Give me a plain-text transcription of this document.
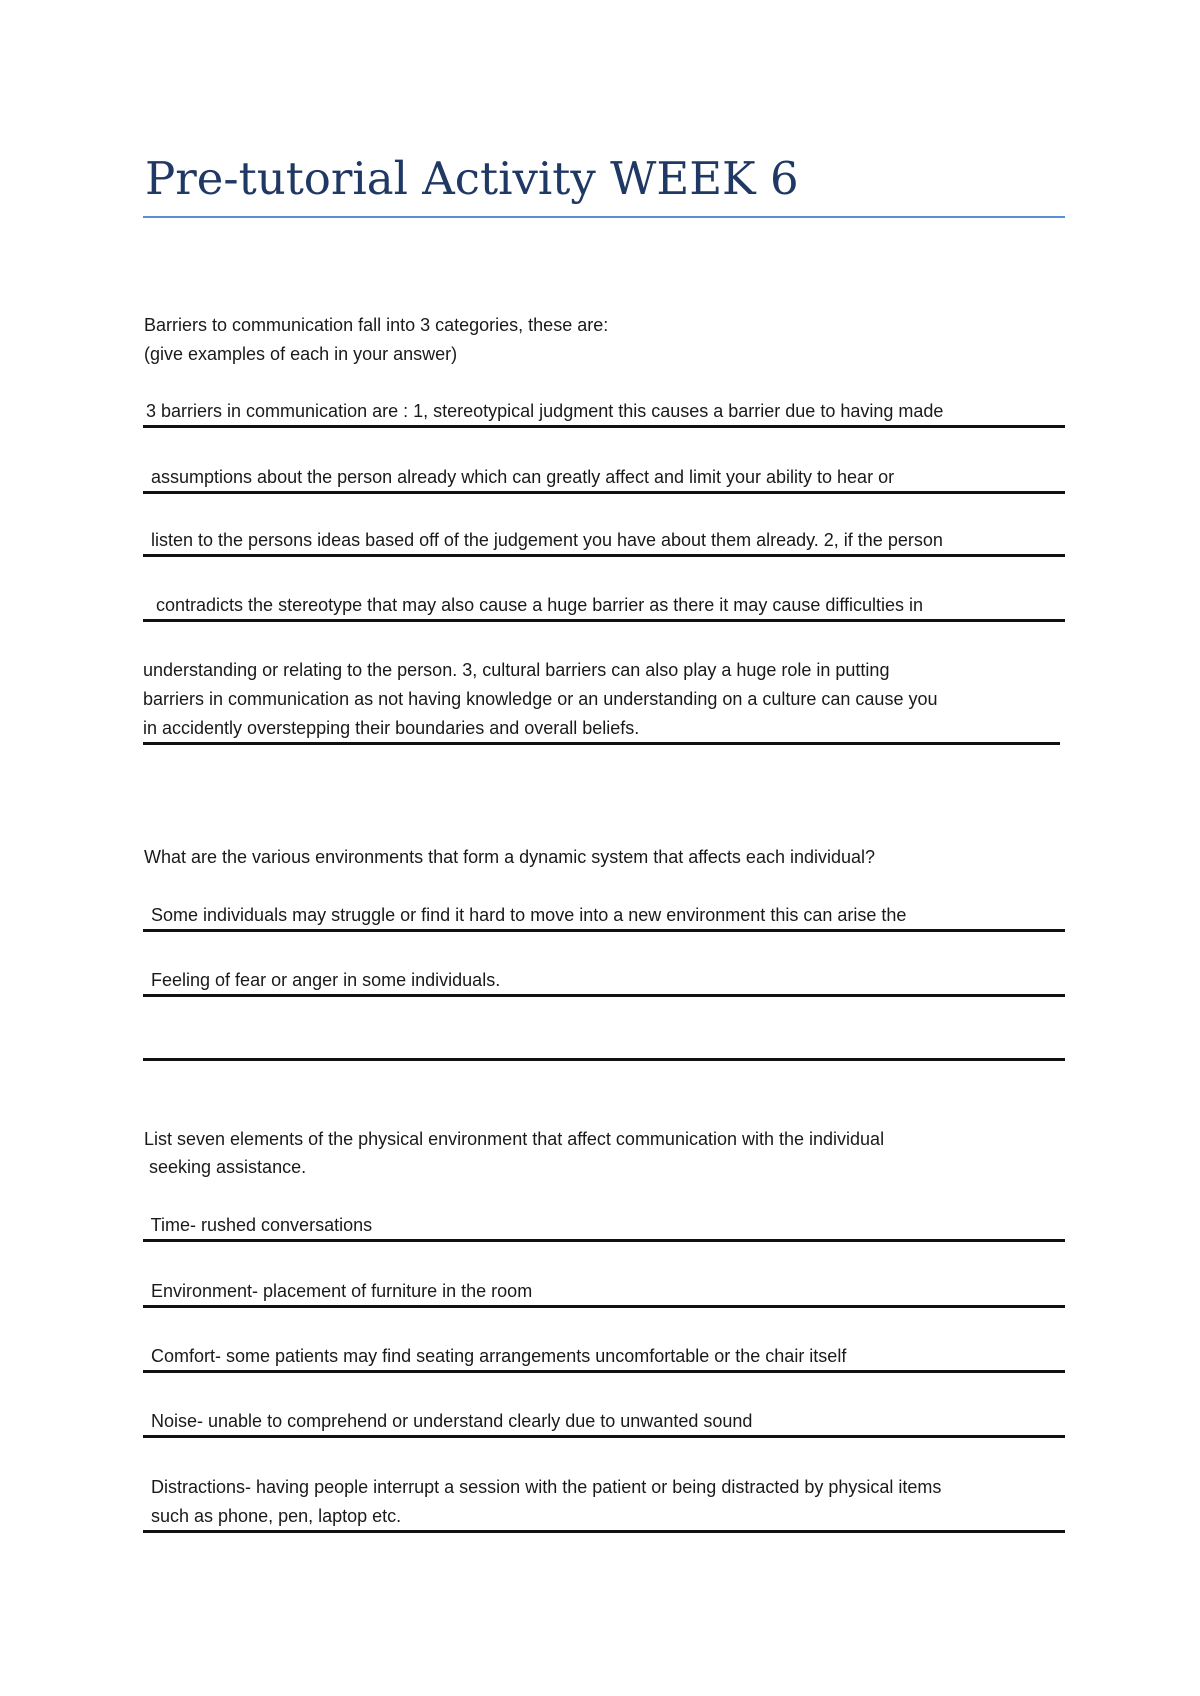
Pre-tutorial Activity WEEK 6
Barriers to communication fall into 3 categories, these are:
(give examples of each in your answer)
3 barriers in communication are : 1, stereotypical judgment this causes a barrier due to having made
assumptions about the person already which can greatly affect and limit your ability to hear or
listen to the persons ideas based off of the judgement you have about them already. 2, if the person
contradicts the stereotype that may also cause a huge barrier as there it may cause difficulties in
understanding or relating to the person. 3, cultural barriers can also play a huge role in putting
barriers in communication as not having knowledge or an understanding on a culture can cause you
in accidently overstepping their boundaries and overall beliefs.
What are the various environments that form a dynamic system that affects each individual?
Some individuals may struggle or find it hard to move into a new environment this can arise the
Feeling of fear or anger in some individuals.
List seven elements of the physical environment that affect communication with the individual
seeking assistance.
Time- rushed conversations
Environment- placement of furniture in the room
Comfort- some patients may find seating arrangements uncomfortable or the chair itself
Noise- unable to comprehend or understand clearly due to unwanted sound
Distractions- having people interrupt a session with the patient or being distracted by physical items
such as phone, pen, laptop etc.
